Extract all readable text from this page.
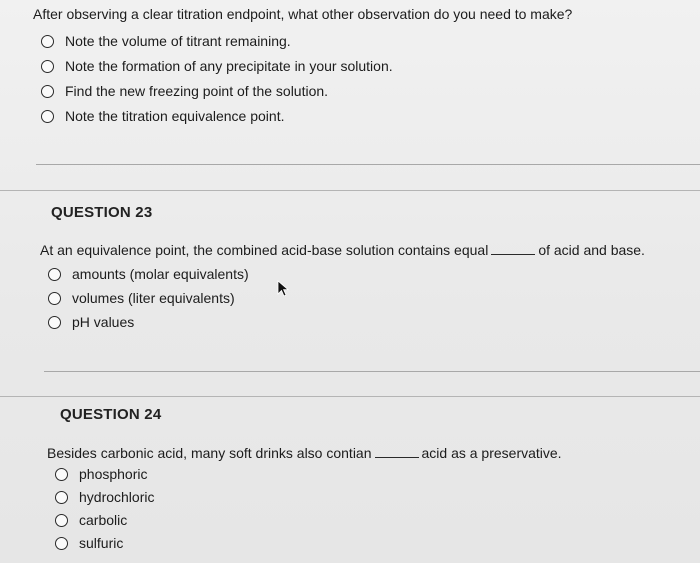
After observing a clear titration endpoint, what other observation do you need to make?
Note the volume of titrant remaining.
Note the formation of any precipitate in your solution.
Find the new freezing point of the solution.
Note the titration equivalence point.
QUESTION 23
At an equivalence point, the combined acid-base solution contains equal	of acid and base.
amounts (molar equivalents)
volumes (liter equivalents)
pH values
QUESTION 24
Besides carbonic acid, many soft drinks also contian	acid as a preservative.
phosphoric
hydrochloric
carbolic
sulfuric
